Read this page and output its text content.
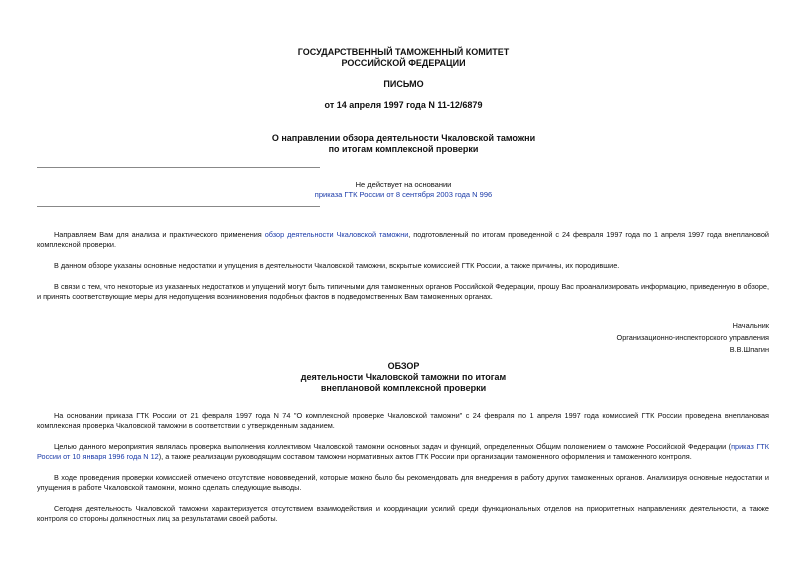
ГОСУДАРСТВЕННЫЙ ТАМОЖЕННЫЙ КОМИТЕТ
РОССИЙСКОЙ ФЕДЕРАЦИИ
ПИСЬМО
от 14 апреля 1997 года N 11-12/6879
О направлении обзора деятельности Чкаловской таможни
по итогам комплексной проверки
Не действует на основании
приказа ГТК России от 8 сентября 2003 года N 996
Направляем Вам для анализа и практического применения обзор деятельности Чкаловской таможни, подготовленный по итогам проведенной с 24 февраля 1997 года по 1 апреля 1997 года внеплановой комплексной проверки.
В данном обзоре указаны основные недостатки и упущения в деятельности Чкаловской таможни, вскрытые комиссией ГТК России, а также причины, их породившие.
В связи с тем, что некоторые из указанных недостатков и упущений могут быть типичными для таможенных органов Российской Федерации, прошу Вас проанализировать информацию, приведенную в обзоре, и принять соответствующие меры для недопущения возникновения подобных фактов в подведомственных Вам таможенных органах.
Начальник
Организационно-инспекторского управления
В.В.Шпагин
ОБЗОР
деятельности Чкаловской таможни по итогам
внеплановой комплексной проверки
На основании приказа ГТК России от 21 февраля 1997 года N 74 "О комплексной проверке Чкаловской таможни" с 24 февраля по 1 апреля 1997 года комиссией ГТК России проведена внеплановая комплексная проверка Чкаловской таможни в соответствии с утвержденным заданием.
Целью данного мероприятия являлась проверка выполнения коллективом Чкаловской таможни основных задач и функций, определенных Общим положением о таможне Российской Федерации (приказ ГТК России от 10 января 1996 года N 12), а также реализации руководящим составом таможни нормативных актов ГТК России при организации таможенного оформления и таможенного контроля.
В ходе проведения проверки комиссией отмечено отсутствие нововведений, которые можно было бы рекомендовать для внедрения в работу других таможенных органов. Анализируя основные недостатки и упущения в работе Чкаловской таможни, можно сделать следующие выводы.
Сегодня деятельность Чкаловской таможни характеризуется отсутствием взаимодействия и координации усилий среди функциональных отделов на приоритетных направлениях деятельности, а также контроля со стороны должностных лиц за результатами своей работы.
